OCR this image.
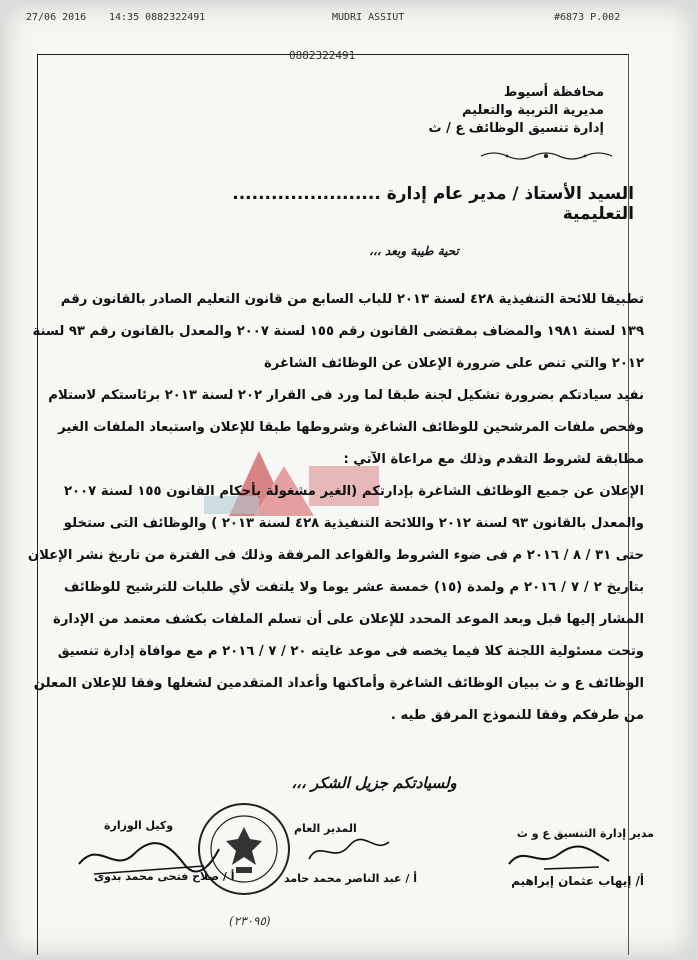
27/06 2016 14:35 0882322491	MUDRI ASSIUT	#6873 P.002
0882322491
محافظة أسيوط
مديرية التربية والتعليم
إدارة تنسيق الوظائف ع / ث
السيد الأستاذ / مدير عام إدارة ....................... التعليمية
تحية طيبة وبعد ،،،
تطبيقا للائحة التنفيذية ٤٢٨ لسنة ٢٠١٣ للباب السابع من قانون التعليم الصادر بالقانون رقم
١٣٩ لسنة ١٩٨١ والمضاف بمقتضى القانون رقم ١٥٥ لسنة ٢٠٠٧ والمعدل بالقانون رقم ٩٣ لسنة
٢٠١٢ والتي تنص على ضرورة الإعلان عن الوظائف الشاغرة
نفيد سيادتكم بضرورة تشكيل لجنة طبقا لما ورد فى القرار ٢٠٢ لسنة ٢٠١٣ برئاستكم لاستلام
وفحص ملفات المرشحين للوظائف الشاغرة وشروطها طبقا للإعلان واستبعاد الملفات الغير
مطابقة لشروط التقدم وذلك مع مراعاة الآتي :
الإعلان عن جميع الوظائف الشاغرة بإدارتكم (الغير مشغولة بأحكام القانون ١٥٥ لسنة ٢٠٠٧
والمعدل بالقانون ٩٣ لسنة ٢٠١٢ واللائحة التنفيذية ٤٢٨ لسنة ٢٠١٣ ) والوظائف التى ستخلو
حتى ٣١ / ٨ / ٢٠١٦ م فى ضوء الشروط والقواعد المرفقة وذلك فى الفترة من تاريخ نشر الإعلان
بتاريخ ٢ / ٧ / ٢٠١٦ م ولمدة (١٥) خمسة عشر يوما ولا يلتفت لأي طلبات للترشيح للوظائف
المشار إليها قبل وبعد الموعد المحدد للإعلان على أن تسلم الملفات بكشف معتمد من الإدارة
وتحت مسئولية اللجنة كلا فيما يخصه فى موعد غايته ٢٠ / ٧ / ٢٠١٦ م مع موافاة إدارة تنسيق
الوظائف ع و ث ببيان الوظائف الشاغرة وأماكنها وأعداد المتقدمين لشغلها وفقا للإعلان المعلن
من طرفكم وفقا للنموذج المرفق طيه .
ولسيادتكم جزيل الشكر ،،،
مدير إدارة التنسيق ع و ث
أ/ إيهاب عثمان إبراهيم
المدير العام
أ / عبد الناصر محمد حامد
وكيل الوزارة
أ / صلاح فتحى محمد بدوى
(٢٣٠٩٥)
